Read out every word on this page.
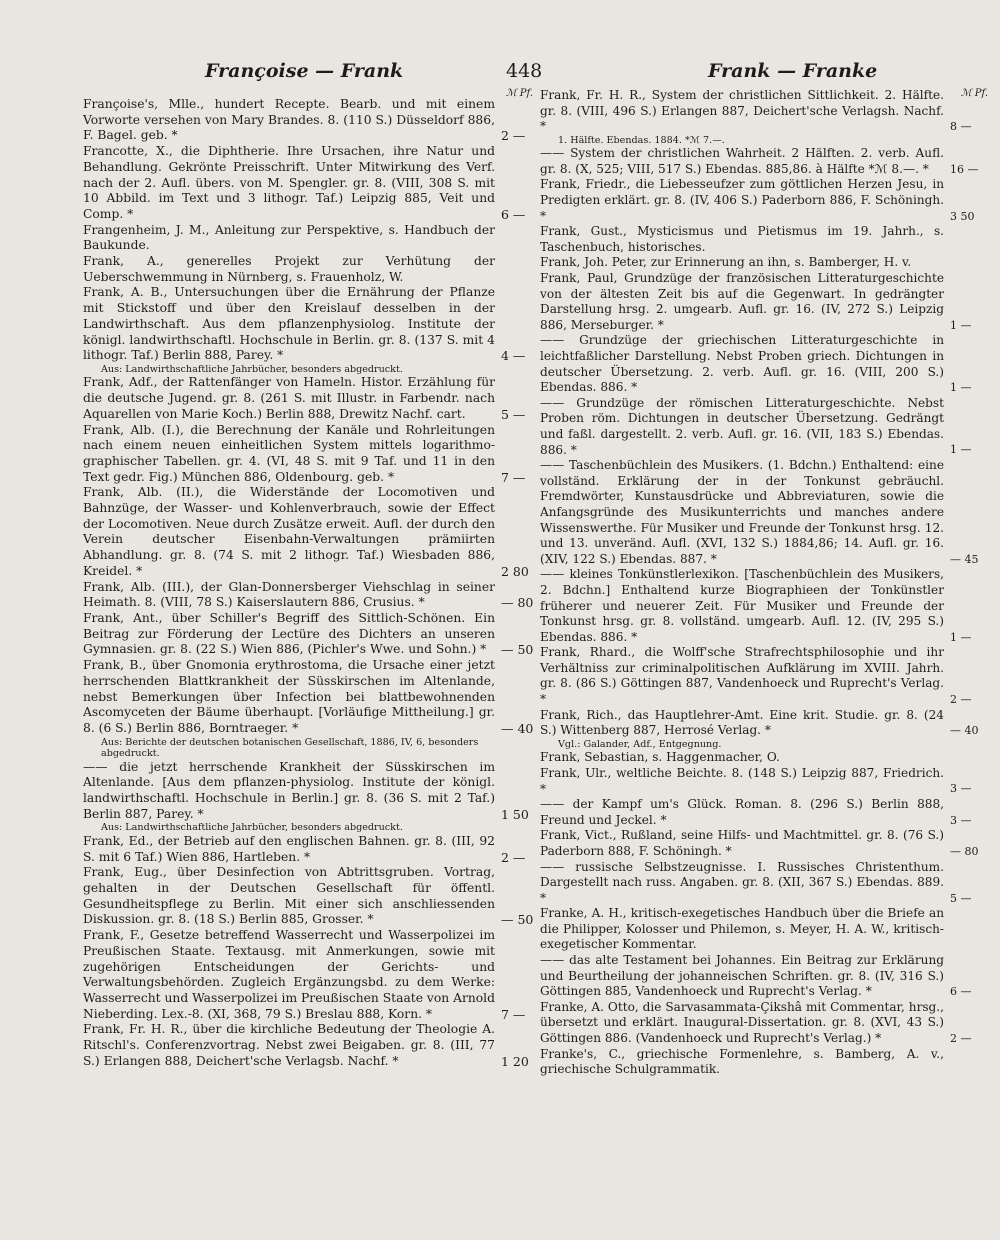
Françoise — Frank	448	Frank — Franke
ℳ Pf.
Françoise's, Mlle., hundert Recepte. Bearb. und mit einem Vorworte versehen von Mary Brandes. 8. (110 S.) Düsseldorf 886, F. Bagel. geb. *	2 —
Francotte, X., die Diphtherie. Ihre Ursachen, ihre Natur und Behandlung. Gekrönte Preisschrift. Unter Mitwirkung des Verf. nach der 2. Aufl. übers. von M. Spengler. gr. 8. (VIII, 308 S. mit 10 Abbild. im Text und 3 lithogr. Taf.) Leipzig 885, Veit und Comp. *	6 —
Frangenheim, J. M., Anleitung zur Perspektive, s. Handbuch der Baukunde.
Frank, A., generelles Projekt zur Verhütung der Ueberschwemmung in Nürnberg, s. Frauenholz, W.
Frank, A. B., Untersuchungen über die Ernährung der Pflanze mit Stickstoff und über den Kreislauf desselben in der Landwirthschaft. Aus dem pflanzenphysiolog. Institute der königl. landwirthschaftl. Hochschule in Berlin. gr. 8. (137 S. mit 4 lithogr. Taf.) Berlin 888, Parey. *	4 —
Aus: Landwirthschaftliche Jahrbücher, besonders abgedruckt.
Frank, Adf., der Rattenfänger von Hameln. Histor. Erzählung für die deutsche Jugend. gr. 8. (261 S. mit Illustr. in Farbendr. nach Aquarellen von Marie Koch.) Berlin 888, Drewitz Nachf. cart.	5 —
Frank, Alb. (I.), die Berechnung der Kanäle und Rohrleitungen nach einem neuen einheitlichen System mittels logarithmo-graphischer Tabellen. gr. 4. (VI, 48 S. mit 9 Taf. und 11 in den Text gedr. Fig.) München 886, Oldenbourg. geb. *	7 —
Frank, Alb. (II.), die Widerstände der Locomotiven und Bahnzüge, der Wasser- und Kohlenverbrauch, sowie der Effect der Locomotiven. Neue durch Zusätze erweit. Aufl. der durch den Verein deutscher Eisenbahn-Verwaltungen prämiirten Abhandlung. gr. 8. (74 S. mit 2 lithogr. Taf.) Wiesbaden 886, Kreidel. *	2 80
Frank, Alb. (III.), der Glan-Donnersberger Viehschlag in seiner Heimath. 8. (VIII, 78 S.) Kaiserslautern 886, Crusius. *	— 80
Frank, Ant., über Schiller's Begriff des Sittlich-Schönen. Ein Beitrag zur Förderung der Lectüre des Dichters an unseren Gymnasien. gr. 8. (22 S.) Wien 886, (Pichler's Wwe. und Sohn.) *	— 50
Frank, B., über Gnomonia erythrostoma, die Ursache einer jetzt herrschenden Blattkrankheit der Süsskirschen im Altenlande, nebst Bemerkungen über Infection bei blattbewohnenden Ascomyceten der Bäume überhaupt. [Vorläufige Mittheilung.] gr. 8. (6 S.) Berlin 886, Borntraeger. *	— 40
Aus: Berichte der deutschen botanischen Gesellschaft, 1886, IV, 6, besonders abgedruckt.
—— die jetzt herrschende Krankheit der Süsskirschen im Altenlande. [Aus dem pflanzen-physiolog. Institute der königl. landwirthschaftl. Hochschule in Berlin.] gr. 8. (36 S. mit 2 Taf.) Berlin 887, Parey. *	1 50
Aus: Landwirthschaftliche Jahrbücher, besonders abgedruckt.
Frank, Ed., der Betrieb auf den englischen Bahnen. gr. 8. (III, 92 S. mit 6 Taf.) Wien 886, Hartleben. *	2 —
Frank, Eug., über Desinfection von Abtrittsgruben. Vortrag, gehalten in der Deutschen Gesellschaft für öffentl. Gesundheitspflege zu Berlin. Mit einer sich anschliessenden Diskussion. gr. 8. (18 S.) Berlin 885, Grosser. *	— 50
Frank, F., Gesetze betreffend Wasserrecht und Wasserpolizei im Preußischen Staate. Textausg. mit Anmerkungen, sowie mit zugehörigen Entscheidungen der Gerichts- und Verwaltungsbehörden. Zugleich Ergänzungsbd. zu dem Werke: Wasserrecht und Wasserpolizei im Preußischen Staate von Arnold Nieberding. Lex.-8. (XI, 368, 79 S.) Breslau 888, Korn. *	7 —
Frank, Fr. H. R., über die kirchliche Bedeutung der Theologie A. Ritschl's. Conferenzvortrag. Nebst zwei Beigaben. gr. 8. (III, 77 S.) Erlangen 888, Deichert'sche Verlagsb. Nachf. *	1 20
ℳ Pf.
Frank, Fr. H. R., System der christlichen Sittlichkeit. 2. Hälfte. gr. 8. (VIII, 496 S.) Erlangen 887, Deichert'sche Verlagsh. Nachf. *	8 —
1. Hälfte. Ebendas. 1884. *ℳ 7.—.
—— System der christlichen Wahrheit. 2 Hälften. 2. verb. Aufl. gr. 8. (X, 525; VIII, 517 S.) Ebendas. 885,86. à Hälfte *ℳ 8.—. *	16 —
Frank, Friedr., die Liebesseufzer zum göttlichen Herzen Jesu, in Predigten erklärt. gr. 8. (IV, 406 S.) Paderborn 886, F. Schöningh. *	3 50
Frank, Gust., Mysticismus und Pietismus im 19. Jahrh., s. Taschenbuch, historisches.
Frank, Joh. Peter, zur Erinnerung an ihn, s. Bamberger, H. v.
Frank, Paul, Grundzüge der französischen Litteraturgeschichte von der ältesten Zeit bis auf die Gegenwart. In gedrängter Darstellung hrsg. 2. umgearb. Aufl. gr. 16. (IV, 272 S.) Leipzig 886, Merseburger. *	1 —
—— Grundzüge der griechischen Litteraturgeschichte in leichtfaßlicher Darstellung. Nebst Proben griech. Dichtungen in deutscher Übersetzung. 2. verb. Aufl. gr. 16. (VIII, 200 S.) Ebendas. 886. *	1 —
—— Grundzüge der römischen Litteraturgeschichte. Nebst Proben röm. Dichtungen in deutscher Übersetzung. Gedrängt und faßl. dargestellt. 2. verb. Aufl. gr. 16. (VII, 183 S.) Ebendas. 886. *	1 —
—— Taschenbüchlein des Musikers. (1. Bdchn.) Enthaltend: eine vollständ. Erklärung der in der Tonkunst gebräuchl. Fremdwörter, Kunstausdrücke und Abbreviaturen, sowie die Anfangsgründe des Musikunterrichts und manches andere Wissenswerthe. Für Musiker und Freunde der Tonkunst hrsg. 12. und 13. unveränd. Aufl. (XVI, 132 S.) 1884,86; 14. Aufl. gr. 16. (XIV, 122 S.) Ebendas. 887. *	— 45
—— kleines Tonkünstlerlexikon. [Taschenbüchlein des Musikers, 2. Bdchn.] Enthaltend kurze Biographieen der Tonkünstler früherer und neuerer Zeit. Für Musiker und Freunde der Tonkunst hrsg. gr. 8. vollständ. umgearb. Aufl. 12. (IV, 295 S.) Ebendas. 886. *	1 —
Frank, Rhard., die Wolff'sche Strafrechtsphilosophie und ihr Verhältniss zur criminalpolitischen Aufklärung im XVIII. Jahrh. gr. 8. (86 S.) Göttingen 887, Vandenhoeck und Ruprecht's Verlag. *	2 —
Frank, Rich., das Hauptlehrer-Amt. Eine krit. Studie. gr. 8. (24 S.) Wittenberg 887, Herrosé Verlag. *	— 40
Vgl.: Galander, Adf., Entgegnung.
Frank, Sebastian, s. Haggenmacher, O.
Frank, Ulr., weltliche Beichte. 8. (148 S.) Leipzig 887, Friedrich. *	3 —
—— der Kampf um's Glück. Roman. 8. (296 S.) Berlin 888, Freund und Jeckel. *	3 —
Frank, Vict., Rußland, seine Hilfs- und Machtmittel. gr. 8. (76 S.) Paderborn 888, F. Schöningh. *	— 80
—— russische Selbstzeugnisse. I. Russisches Christenthum. Dargestellt nach russ. Angaben. gr. 8. (XII, 367 S.) Ebendas. 889. *	5 —
Franke, A. H., kritisch-exegetisches Handbuch über die Briefe an die Philipper, Kolosser und Philemon, s. Meyer, H. A. W., kritisch-exegetischer Kommentar.
—— das alte Testament bei Johannes. Ein Beitrag zur Erklärung und Beurtheilung der johanneischen Schriften. gr. 8. (IV, 316 S.) Göttingen 885, Vandenhoeck und Ruprecht's Verlag. *	6 —
Franke, A. Otto, die Sarvasammata-Çikshâ mit Commentar, hrsg., übersetzt und erklärt. Inaugural-Dissertation. gr. 8. (XVI, 43 S.) Göttingen 886. (Vandenhoeck und Ruprecht's Verlag.) *	2 —
Franke's, C., griechische Formenlehre, s. Bamberg, A. v., griechische Schulgrammatik.
